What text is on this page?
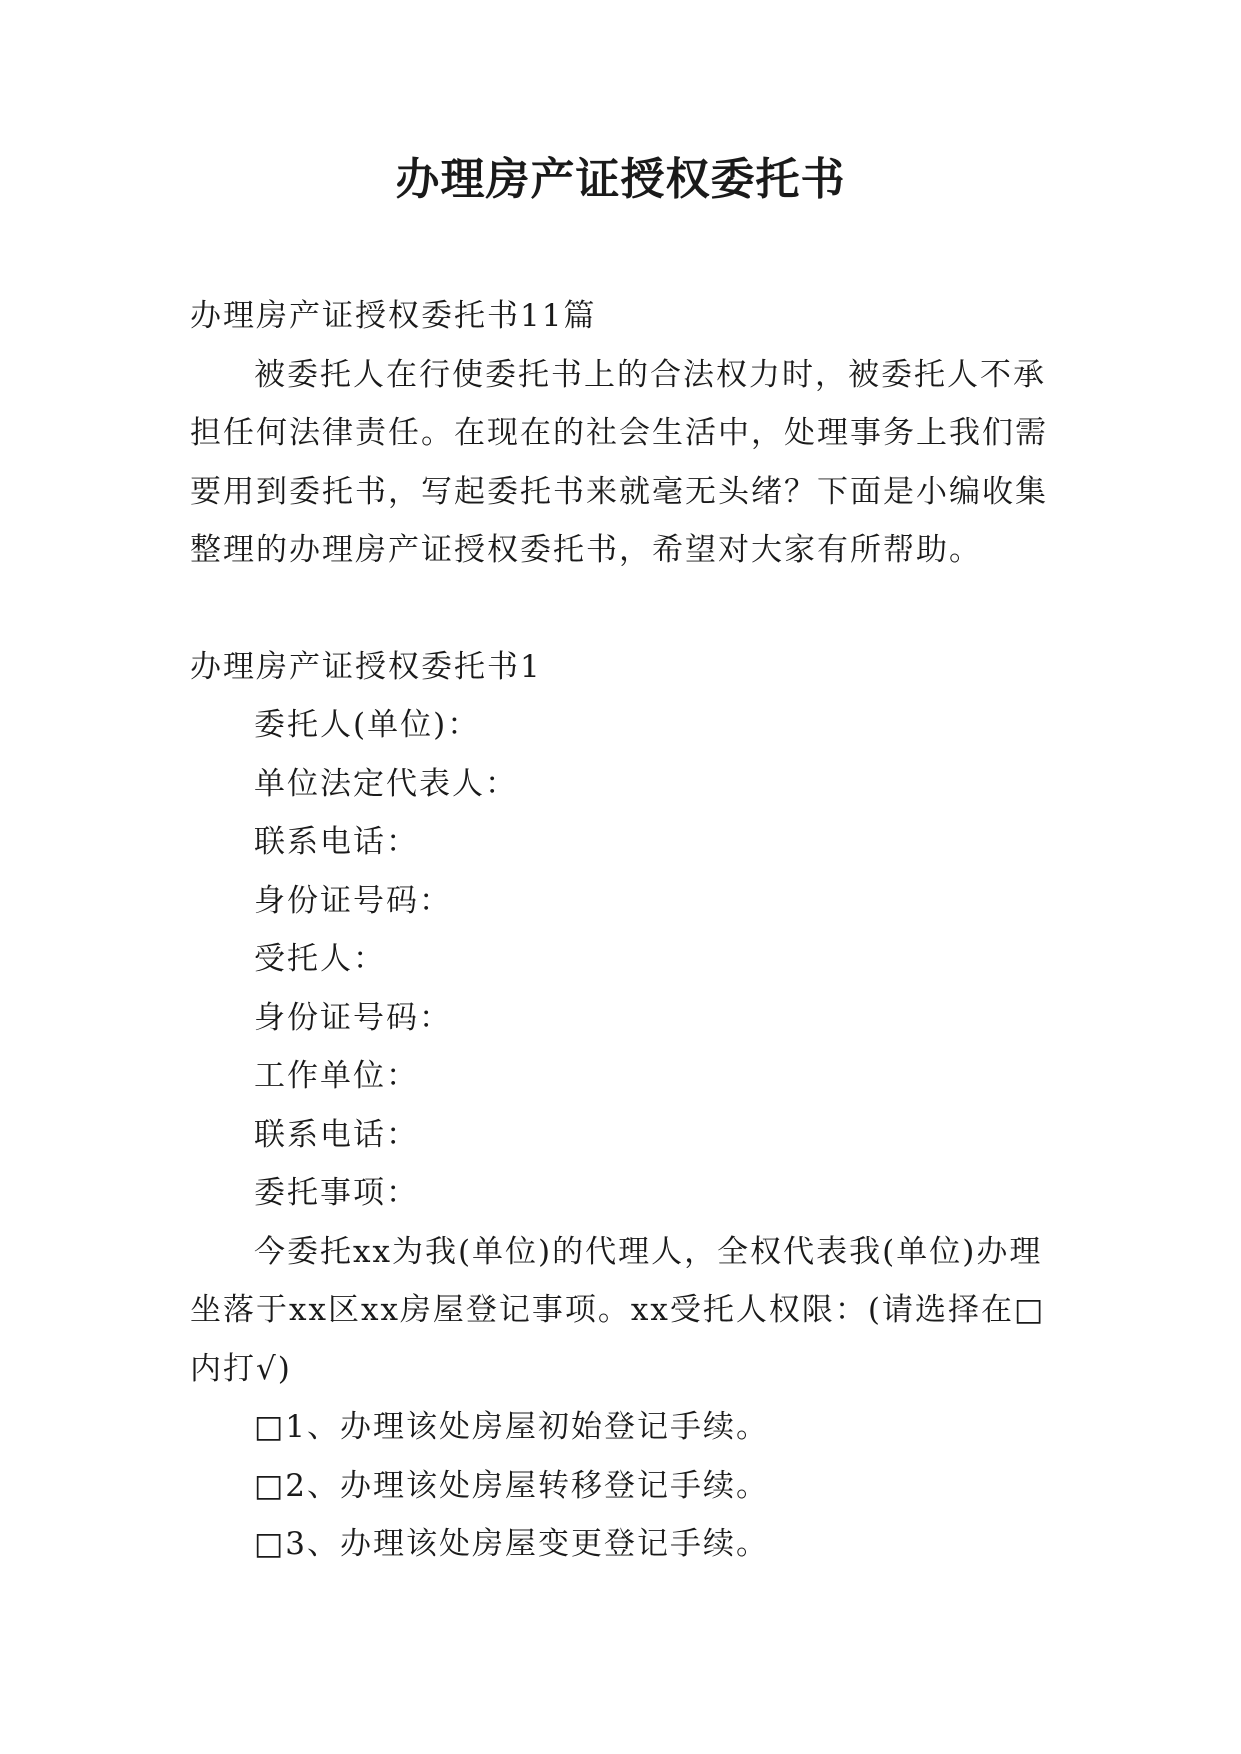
办理房产证授权委托书

办理房产证授权委托书11篇

被委托人在行使委托书上的合法权力时，被委托人不承担任何法律责任。在现在的社会生活中，处理事务上我们需要用到委托书，写起委托书来就毫无头绪？下面是小编收集整理的办理房产证授权委托书，希望对大家有所帮助。

办理房产证授权委托书1

委托人(单位)：

单位法定代表人：

联系电话：

身份证号码：

受托人：

身份证号码：

工作单位：

联系电话：

委托事项：

今委托xx为我(单位)的代理人，全权代表我(单位)办理坐落于xx区xx房屋登记事项。xx受托人权限：(请选择在□内打√)

□1、办理该处房屋初始登记手续。

□2、办理该处房屋转移登记手续。

□3、办理该处房屋变更登记手续。
